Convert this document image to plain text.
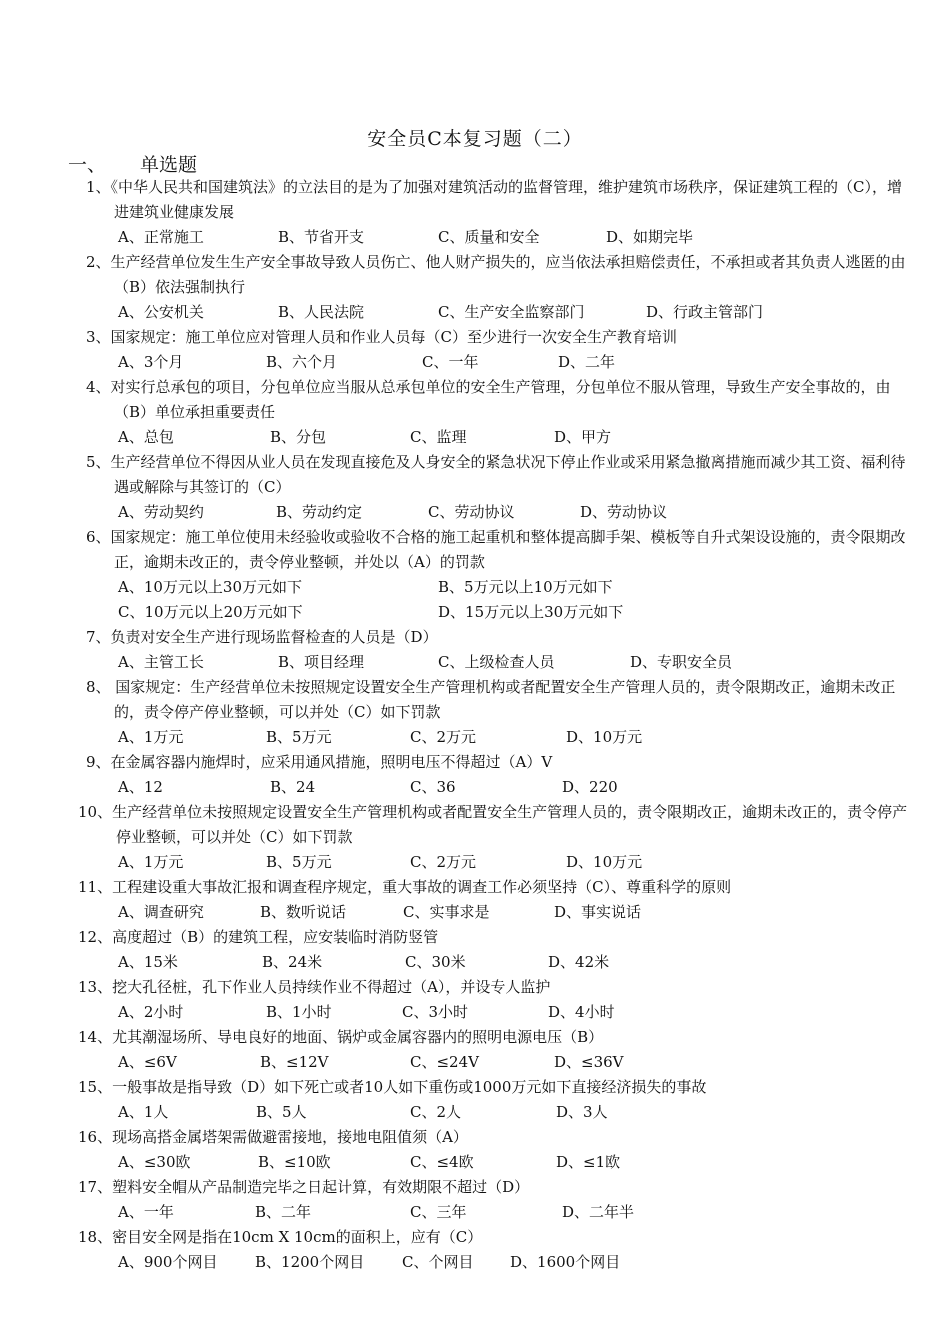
安全员C本复习题（二）
一、 单选题
1、《中华人民共和国建筑法》的立法目的是为了加强对建筑活动的监督管理，维护建筑市场秩序，保证建筑工程的（C），增进建筑业健康发展
A、正常施工	B、节省开支	C、质量和安全	D、如期完毕
2、生产经营单位发生生产安全事故导致人员伤亡、他人财产损失的，应当依法承担赔偿责任，不承担或者其负责人逃匿的由（B）依法强制执行
A、公安机关	B、人民法院	C、生产安全监察部门	D、行政主管部门
3、国家规定：施工单位应对管理人员和作业人员每（C）至少进行一次安全生产教育培训
A、3个月	B、六个月	C、一年	D、二年
4、对实行总承包的项目，分包单位应当服从总承包单位的安全生产管理，分包单位不服从管理，导致生产安全事故的，由（B）单位承担重要责任
A、总包	B、分包	C、监理	D、甲方
5、生产经营单位不得因从业人员在发现直接危及人身安全的紧急状况下停止作业或采用紧急撤离措施而减少其工资、福利待遇或解除与其签订的（C）
A、劳动契约	B、劳动约定	C、劳动协议	D、劳动协议
6、国家规定：施工单位使用未经验收或验收不合格的施工起重机和整体提高脚手架、模板等自升式架设设施的，责令限期改正，逾期未改正的，责令停业整顿，并处以（A）的罚款
A、10万元以上30万元如下	B、5万元以上10万元如下
C、10万元以上20万元如下	D、15万元以上30万元如下
7、负责对安全生产进行现场监督检查的人员是（D）
A、主管工长	B、项目经理	C、上级检查人员	D、专职安全员
8、 国家规定：生产经营单位未按照规定设置安全生产管理机构或者配置安全生产管理人员的，责令限期改正，逾期未改正的，责令停产停业整顿，可以并处（C）如下罚款
A、1万元	B、5万元	C、2万元	D、10万元
9、在金属容器内施焊时，应采用通风措施，照明电压不得超过（A）V
A、12	B、24	C、36	D、220
10、生产经营单位未按照规定设置安全生产管理机构或者配置安全生产管理人员的，责令限期改正，逾期未改正的，责令停产停业整顿，可以并处（C）如下罚款
A、1万元	B、5万元	C、2万元	D、10万元
11、工程建设重大事故汇报和调查程序规定，重大事故的调查工作必须坚持（C）、尊重科学的原则
A、调查研究	B、数听说话	C、实事求是	D、事实说话
12、高度超过（B）的建筑工程，应安装临时消防竖管
A、15米	B、24米	C、30米	D、42米
13、挖大孔径桩，孔下作业人员持续作业不得超过（A），并设专人监护
A、2小时	B、1小时	C、3小时	D、4小时
14、尤其潮湿场所、导电良好的地面、锅炉或金属容器内的照明电源电压（B）
A、≤6V	B、≤12V	C、≤24V	D、≤36V
15、一般事故是指导致（D）如下死亡或者10人如下重伤或1000万元如下直接经济损失的事故
A、1人	B、5人	C、2人	D、3人
16、现场高搭金属塔架需做避雷接地，接地电阻值须（A）
A、≤30欧	B、≤10欧	C、≤4欧	D、≤1欧
17、塑料安全帽从产品制造完毕之日起计算，有效期限不超过（D）
A、一年	B、二年	C、三年	D、二年半
18、密目安全网是指在10cm X 10cm的面积上，应有（C）
A、900个网目	B、1200个网目	C、个网目 D、1600个网目
